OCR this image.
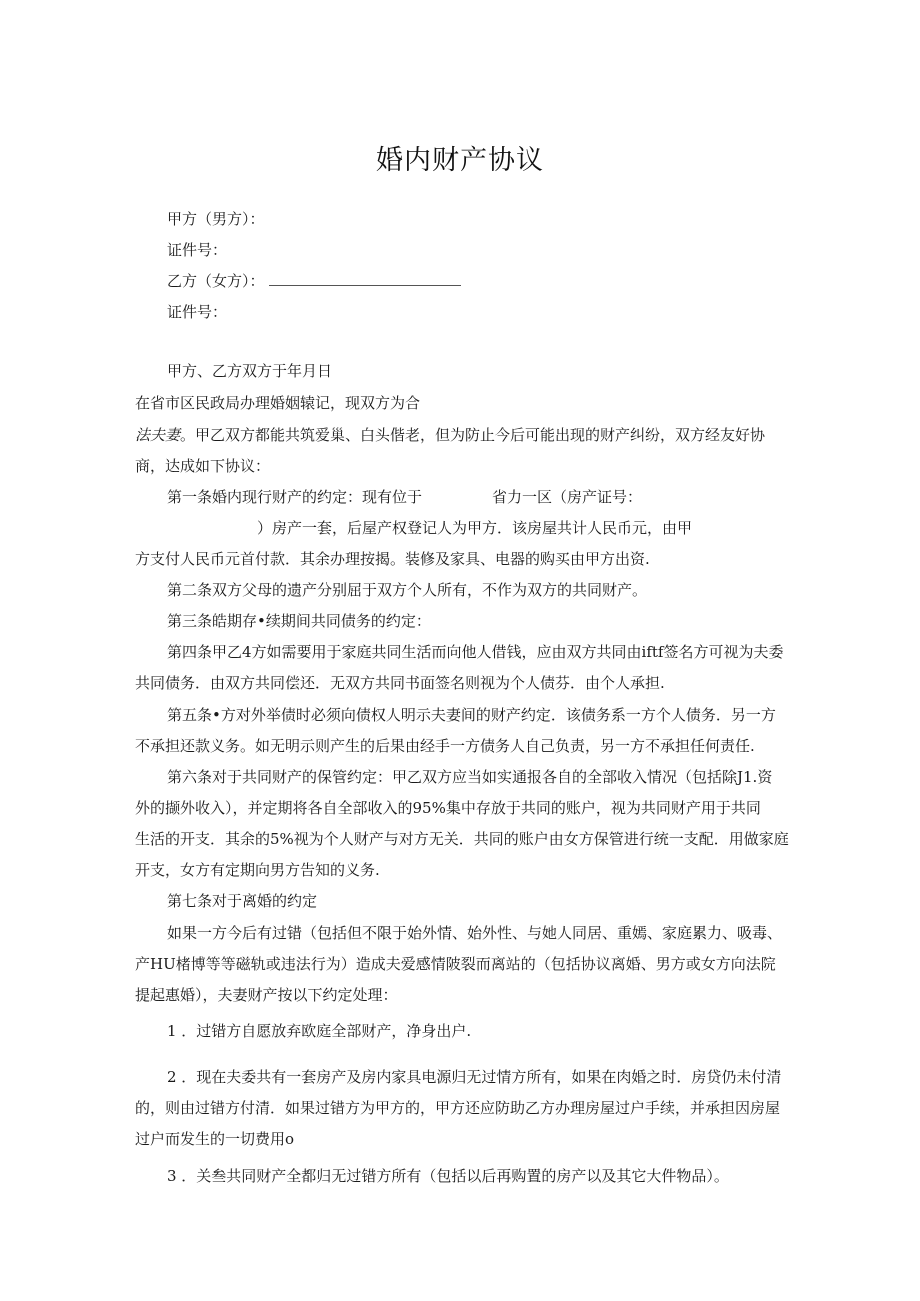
婚内财产协议
甲方（男方）：
证件号：
乙方（女方）：
证件号：
甲方、乙方双方于年月日
在省市区民政局办理婚姻辕记，现双方为合
法夫妻。甲乙双方都能共筑爱巢、白头偕老，但为防止今后可能出现的财产纠纷，双方经友好协
商，达成如下协议：
第一条婚内现行财产的约定：现有位于	省力一区（房产证号：
）房产一套，后屋产权登记人为甲方．该房屋共计人民币元，由甲
方支付人民币元首付款．其余办理按揭。装修及家具、电器的购买由甲方出资.
第二条双方父母的遗产分别屈于双方个人所有，不作为双方的共同财产。
第三条皓期存•续期间共同债务的约定：
第四条甲乙4方如需要用于家庭共同生活而向他人借钱，应由双方共同由iftf签名方可视为夫委
共同债务．由双方共同偿还．无双方共同书面签名则视为个人债芬．由个人承担.
第五条•方对外举债时必须向债权人明示夫妻间的财产约定．该债务系一方个人债务．另一方
不承担还款义务。如无明示则产生的后果由经手一方债务人自己负责，另一方不承担任何责任.
第六条对于共同财产的保管约定：甲乙双方应当如实通报各自的全部收入情况（包括除J1.资
外的撷外收入），并定期将各自全部收入的95%集中存放于共同的账户，视为共同财产用于共同
生活的开支．其余的5%视为个人财产与对方无关．共同的账户由女方保管进行统一支配．用做家庭
开支，女方有定期向男方告知的义务.
第七条对于离婚的约定
如果一方今后有过错（包括但不限于始外情、始外性、与她人同居、重嫣、家庭累力、吸毒、
产HU楮博等等磁轨或违法行为）造成夫爱感情陂裂而离站的（包括协议离婚、男方或女方向法院
提起惠婚），夫妻财产按以下约定处理：
1 ．过错方自愿放弃欧庭全部财产，净身出户.
2 ．现在夫委共有一套房产及房内家具电源归无过情方所有，如果在肉婚之时．房贷仍未付清
的，则由过错方付清．如果过错方为甲方的，甲方还应防助乙方办理房屋过户手续，并承担因房屋
过户而发生的一切费用o
3 ．关叁共同财产全都归无过错方所有（包括以后再购置的房产以及其它大件物品）。
